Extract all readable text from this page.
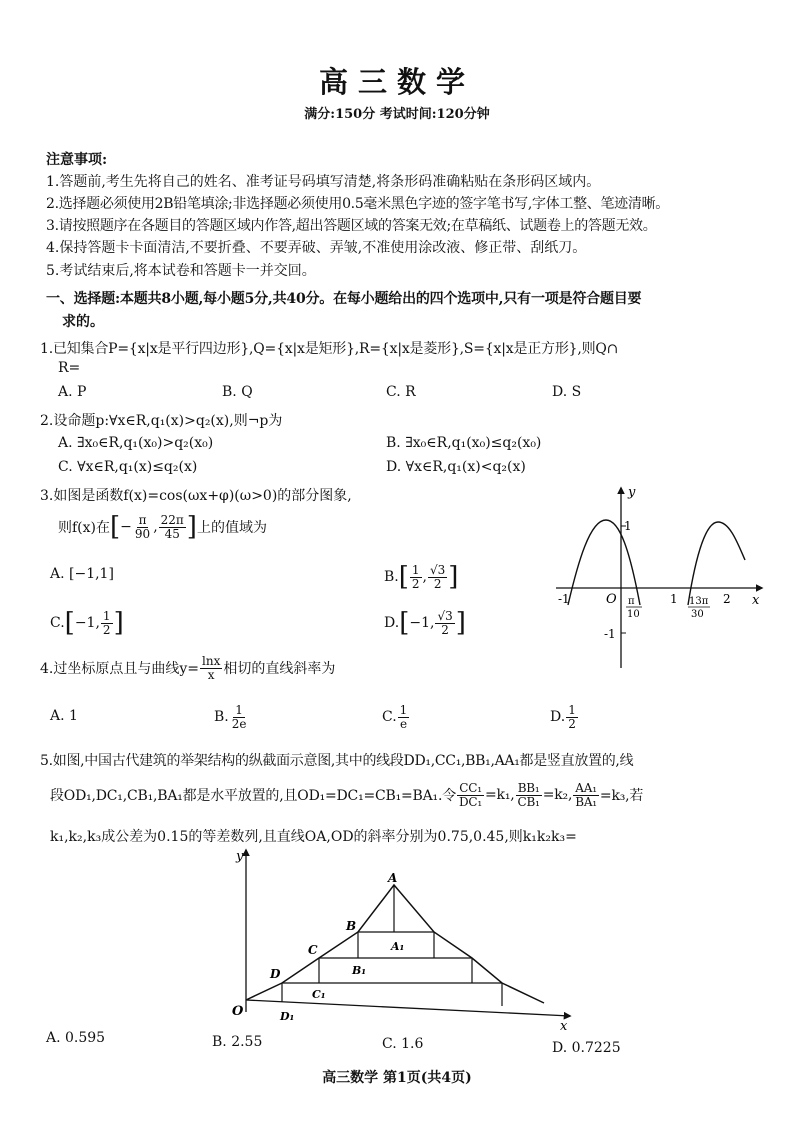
高三数学
满分:150分 考试时间:120分钟
注意事项:
1.答题前,考生先将自己的姓名、准考证号码填写清楚,将条形码准确粘贴在条形码区域内。
2.选择题必须使用2B铅笔填涂;非选择题必须使用0.5毫米黑色字迹的签字笔书写,字体工整、笔迹清晰。
3.请按照题序在各题目的答题区域内作答,超出答题区域的答案无效;在草稿纸、试题卷上的答题无效。
4.保持答题卡卡面清洁,不要折叠、不要弄破、弄皱,不准使用涂改液、修正带、刮纸刀。
5.考试结束后,将本试卷和答题卡一并交回。
一、选择题:本题共8小题,每小题5分,共40分。在每小题给出的四个选项中,只有一项是符合题目要
求的。
1.已知集合P={x|x是平行四边形},Q={x|x是矩形},R={x|x是菱形},S={x|x是正方形},则Q∩
R=
A. P	B. Q	C. R	D. S
2.设命题p:∀x∈R,q₁(x)>q₂(x),则¬p为
A. ∃x₀∈R,q₁(x₀)>q₂(x₀)	B. ∃x₀∈R,q₁(x₀)≤q₂(x₀)
C. ∀x∈R,q₁(x)≤q₂(x)	D. ∀x∈R,q₁(x)<q₂(x)
3.如图是函数f(x)=cos(ωx+φ)(ω>0)的部分图象,
则f(x)在 [ − $\frac{\pi}{90}$ , $\frac{22\pi}{45}$ ] 上的值域为
A. [−1,1]	B. [ $\frac{1}{2}$ , $\frac{√3}{2}$ ]
C. [ −1, $\frac{1}{2}$ ]	D. [ −1, $\frac{√3}{2}$ ]
y
x
O
-1	1	2
1
-1
π
10
13π
30
4.过坐标原点且与曲线$y= \frac{\ln x}{x}$ 相切的直线斜率为
A. 1	B. $\frac{1}{2e}$	C. $\frac{1}{e}$	D. $\frac{1}{2}$
5.如图,中国古代建筑的举架结构的纵截面示意图,其中的线段DD₁,CC₁,BB₁,AA₁都是竖直放置的,线
段OD₁,DC₁,CB₁,BA₁都是水平放置的,且OD₁=DC₁=CB₁=BA₁.令 $\frac{\text{CC₁}}{\text{DC₁}} =k_1$, $\frac{\text{BB₁}}{\text{CB₁}} =k_2$, $\frac{\text{AA₁}}{\text{BA₁}} =k_3$,若
k₁,k₂,k₃成公差为0.15的等差数列,且直线OA,OD的斜率分别为0.75,0.45,则k₁k₂k₃=
y
x
O
A
B
C
D
A₁
B₁
C₁
D₁
A. 0.595	B. 2.55	C. 1.6	D. 0.7225
高三数学 第1页(共4页)
